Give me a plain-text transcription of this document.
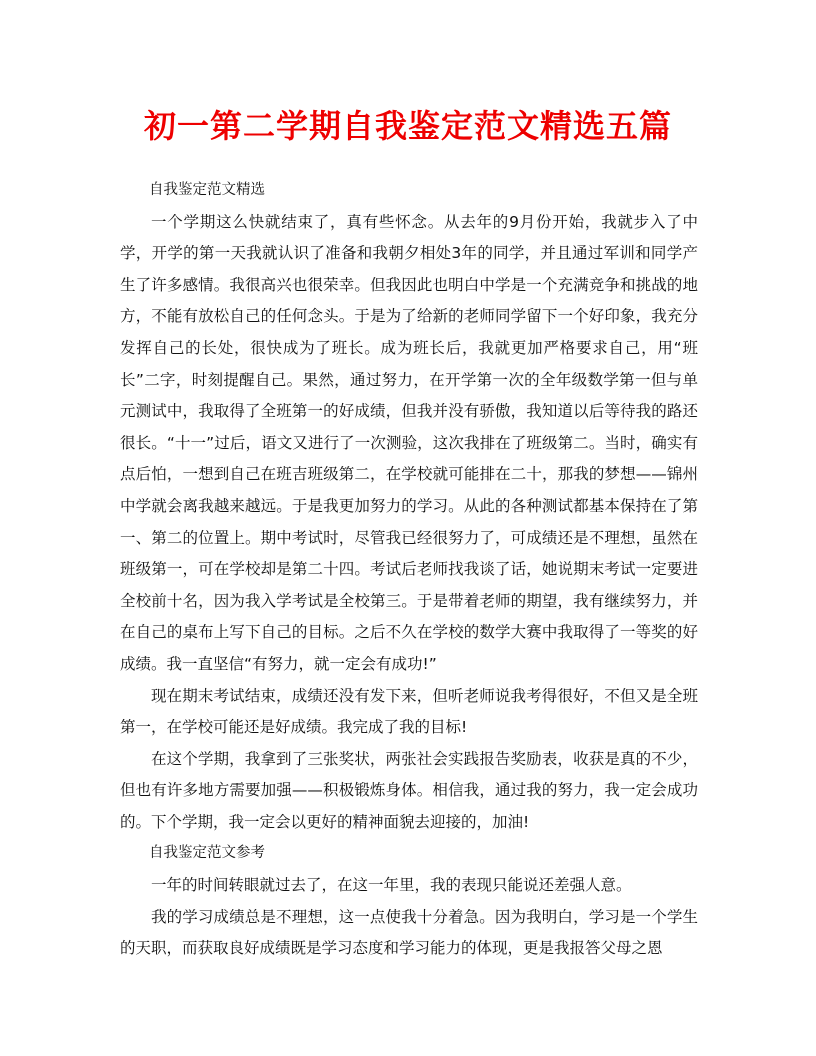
初一第二学期自我鉴定范文精选五篇

自我鉴定范文精选

一个学期这么快就结束了，真有些怀念。从去年的9月份开始，我就步入了中学，开学的第一天我就认识了准备和我朝夕相处3年的同学，并且通过军训和同学产生了许多感情。我很高兴也很荣幸。但我因此也明白中学是一个充满竞争和挑战的地方，不能有放松自己的任何念头。于是为了给新的老师同学留下一个好印象，我充分发挥自己的长处，很快成为了班长。成为班长后，我就更加严格要求自己，用“班长”二字，时刻提醒自己。果然，通过努力，在开学第一次的全年级数学第一但与单元测试中，我取得了全班第一的好成绩，但我并没有骄傲，我知道以后等待我的路还很长。“十一”过后，语文又进行了一次测验，这次我排在了班级第二。当时，确实有点后怕，一想到自己在班吉班级第二，在学校就可能排在二十，那我的梦想——锦州中学就会离我越来越远。于是我更加努力的学习。从此的各种测试都基本保持在了第一、第二的位置上。期中考试时，尽管我已经很努力了，可成绩还是不理想，虽然在班级第一，可在学校却是第二十四。考试后老师找我谈了话，她说期末考试一定要进全校前十名，因为我入学考试是全校第三。于是带着老师的期望，我有继续努力，并在自己的桌布上写下自己的目标。之后不久在学校的数学大赛中我取得了一等奖的好成绩。我一直坚信“有努力，就一定会有成功!”

现在期末考试结束，成绩还没有发下来，但听老师说我考得很好，不但又是全班第一，在学校可能还是好成绩。我完成了我的目标!

在这个学期，我拿到了三张奖状，两张社会实践报告奖励表，收获是真的不少，但也有许多地方需要加强——积极锻炼身体。相信我，通过我的努力，我一定会成功的。下个学期，我一定会以更好的精神面貌去迎接的，加油!

自我鉴定范文参考

一年的时间转眼就过去了，在这一年里，我的表现只能说还差强人意。

我的学习成绩总是不理想，这一点使我十分着急。因为我明白，学习是一个学生的天职，而获取良好成绩既是学习态度和学习能力的体现，更是我报答父母之恩
